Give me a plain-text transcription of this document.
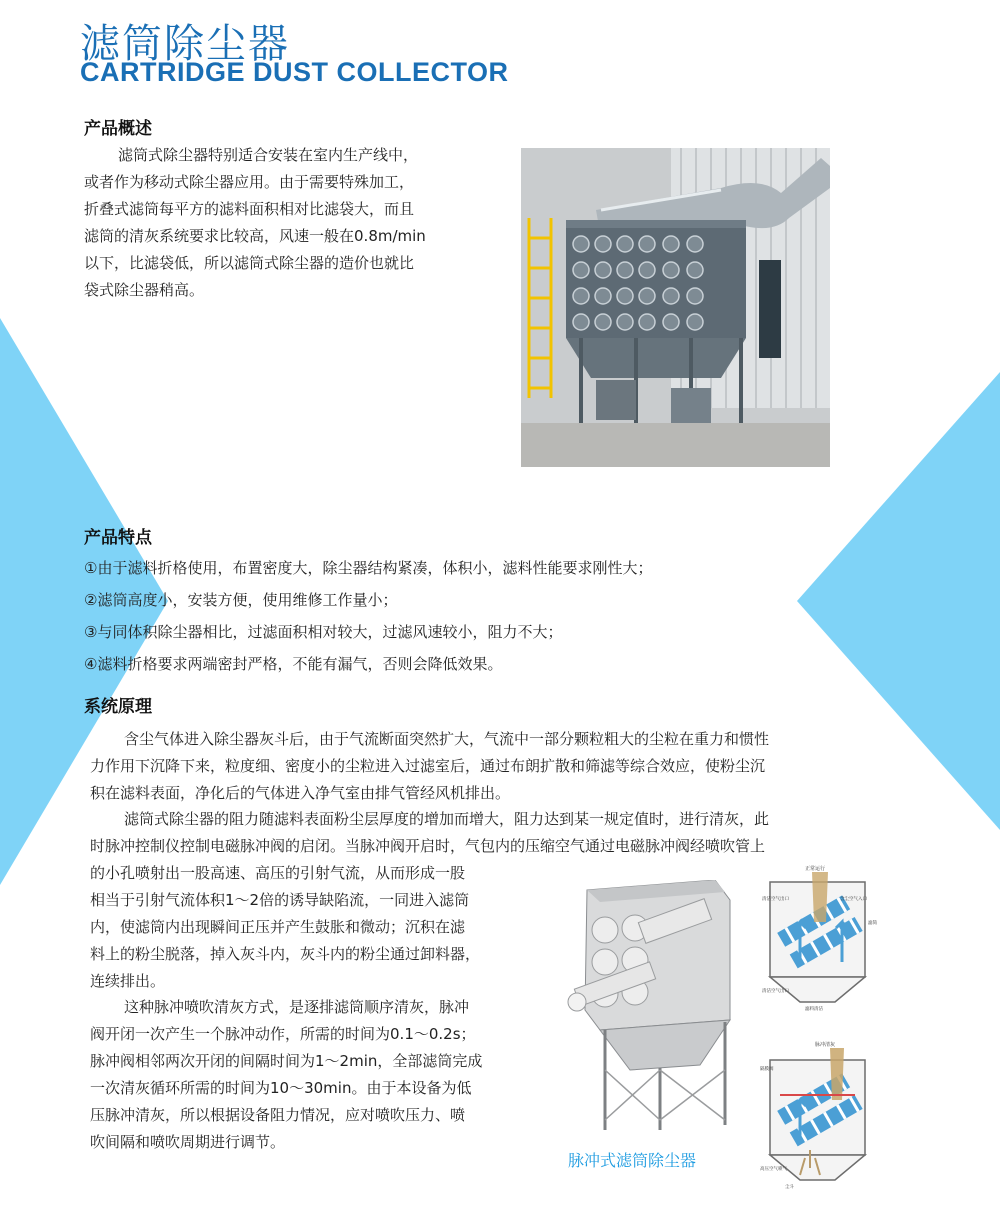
滤筒除尘器
CARTRIDGE DUST COLLECTOR
产品概述
滤筒式除尘器特别适合安装在室内生产线中，
或者作为移动式除尘器应用。由于需要特殊加工，
折叠式滤筒每平方的滤料面积相对比滤袋大，而且
滤筒的清灰系统要求比较高，风速一般在0.8m/min
以下，比滤袋低，所以滤筒式除尘器的造价也就比
袋式除尘器稍高。
产品特点
①由于滤料折格使用，布置密度大，除尘器结构紧凑，体积小，滤料性能要求刚性大；
②滤筒高度小，安装方便，使用维修工作量小；
③与同体积除尘器相比，过滤面积相对较大，过滤风速较小，阻力不大；
④滤料折格要求两端密封严格，不能有漏气，否则会降低效果。
系统原理
含尘气体进入除尘器灰斗后，由于气流断面突然扩大，气流中一部分颗粒粗大的尘粒在重力和惯性
力作用下沉降下来，粒度细、密度小的尘粒进入过滤室后，通过布朗扩散和筛滤等综合效应，使粉尘沉
积在滤料表面，净化后的气体进入净气室由排气管经风机排出。
滤筒式除尘器的阻力随滤料表面粉尘层厚度的增加而增大，阻力达到某一规定值时，进行清灰，此
时脉冲控制仪控制电磁脉冲阀的启闭。当脉冲阀开启时，气包内的压缩空气通过电磁脉冲阀经喷吹管上
的小孔喷射出一股高速、高压的引射气流，从而形成一股
相当于引射气流体积1～2倍的诱导缺陷流，一同进入滤筒
内，使滤筒内出现瞬间正压并产生鼓胀和微动；沉积在滤
料上的粉尘脱落，掉入灰斗内，灰斗内的粉尘通过卸料器，
连续排出。
这种脉冲喷吹清灰方式，是逐排滤筒顺序清灰，脉冲
阀开闭一次产生一个脉冲动作，所需的时间为0.1～0.2s；
脉冲阀相邻两次开闭的间隔时间为1～2min，全部滤筒完成
一次清灰循环所需的时间为10～30min。由于本设备为低
压脉冲清灰，所以根据设备阻力情况，应对喷吹压力、喷
吹间隔和喷吹周期进行调节。
正常运行
清洁空气出口	含尘空气入口
滤筒
清洁空气出口
滤料清洁
脉冲清灰
隔膜阀
高压空气喷气
尘斗

脉冲式滤筒除尘器
